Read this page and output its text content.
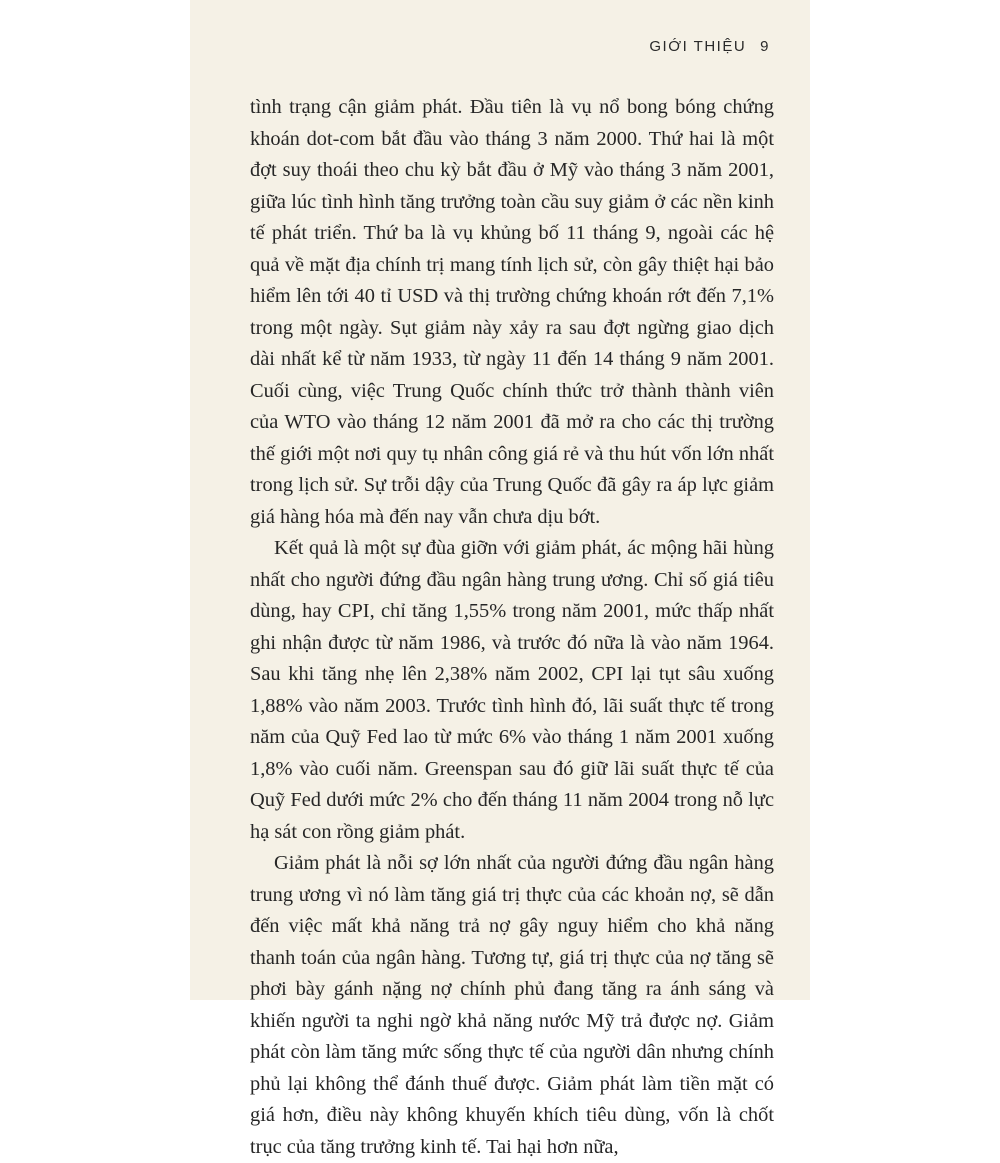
GIỚI THIỆU 9

tình trạng cận giảm phát. Đầu tiên là vụ nổ bong bóng chứng khoán dot-com bắt đầu vào tháng 3 năm 2000. Thứ hai là một đợt suy thoái theo chu kỳ bắt đầu ở Mỹ vào tháng 3 năm 2001, giữa lúc tình hình tăng trưởng toàn cầu suy giảm ở các nền kinh tế phát triển. Thứ ba là vụ khủng bố 11 tháng 9, ngoài các hệ quả về mặt địa chính trị mang tính lịch sử, còn gây thiệt hại bảo hiểm lên tới 40 tỉ USD và thị trường chứng khoán rớt đến 7,1% trong một ngày. Sụt giảm này xảy ra sau đợt ngừng giao dịch dài nhất kể từ năm 1933, từ ngày 11 đến 14 tháng 9 năm 2001. Cuối cùng, việc Trung Quốc chính thức trở thành thành viên của WTO vào tháng 12 năm 2001 đã mở ra cho các thị trường thế giới một nơi quy tụ nhân công giá rẻ và thu hút vốn lớn nhất trong lịch sử. Sự trỗi dậy của Trung Quốc đã gây ra áp lực giảm giá hàng hóa mà đến nay vẫn chưa dịu bớt.

Kết quả là một sự đùa giỡn với giảm phát, ác mộng hãi hùng nhất cho người đứng đầu ngân hàng trung ương. Chỉ số giá tiêu dùng, hay CPI, chỉ tăng 1,55% trong năm 2001, mức thấp nhất ghi nhận được từ năm 1986, và trước đó nữa là vào năm 1964. Sau khi tăng nhẹ lên 2,38% năm 2002, CPI lại tụt sâu xuống 1,88% vào năm 2003. Trước tình hình đó, lãi suất thực tế trong năm của Quỹ Fed lao từ mức 6% vào tháng 1 năm 2001 xuống 1,8% vào cuối năm. Greenspan sau đó giữ lãi suất thực tế của Quỹ Fed dưới mức 2% cho đến tháng 11 năm 2004 trong nỗ lực hạ sát con rồng giảm phát.

Giảm phát là nỗi sợ lớn nhất của người đứng đầu ngân hàng trung ương vì nó làm tăng giá trị thực của các khoản nợ, sẽ dẫn đến việc mất khả năng trả nợ gây nguy hiểm cho khả năng thanh toán của ngân hàng. Tương tự, giá trị thực của nợ tăng sẽ phơi bày gánh nặng nợ chính phủ đang tăng ra ánh sáng và khiến người ta nghi ngờ khả năng nước Mỹ trả được nợ. Giảm phát còn làm tăng mức sống thực tế của người dân nhưng chính phủ lại không thể đánh thuế được. Giảm phát làm tiền mặt có giá hơn, điều này không khuyến khích tiêu dùng, vốn là chốt trục của tăng trưởng kinh tế. Tai hại hơn nữa,
